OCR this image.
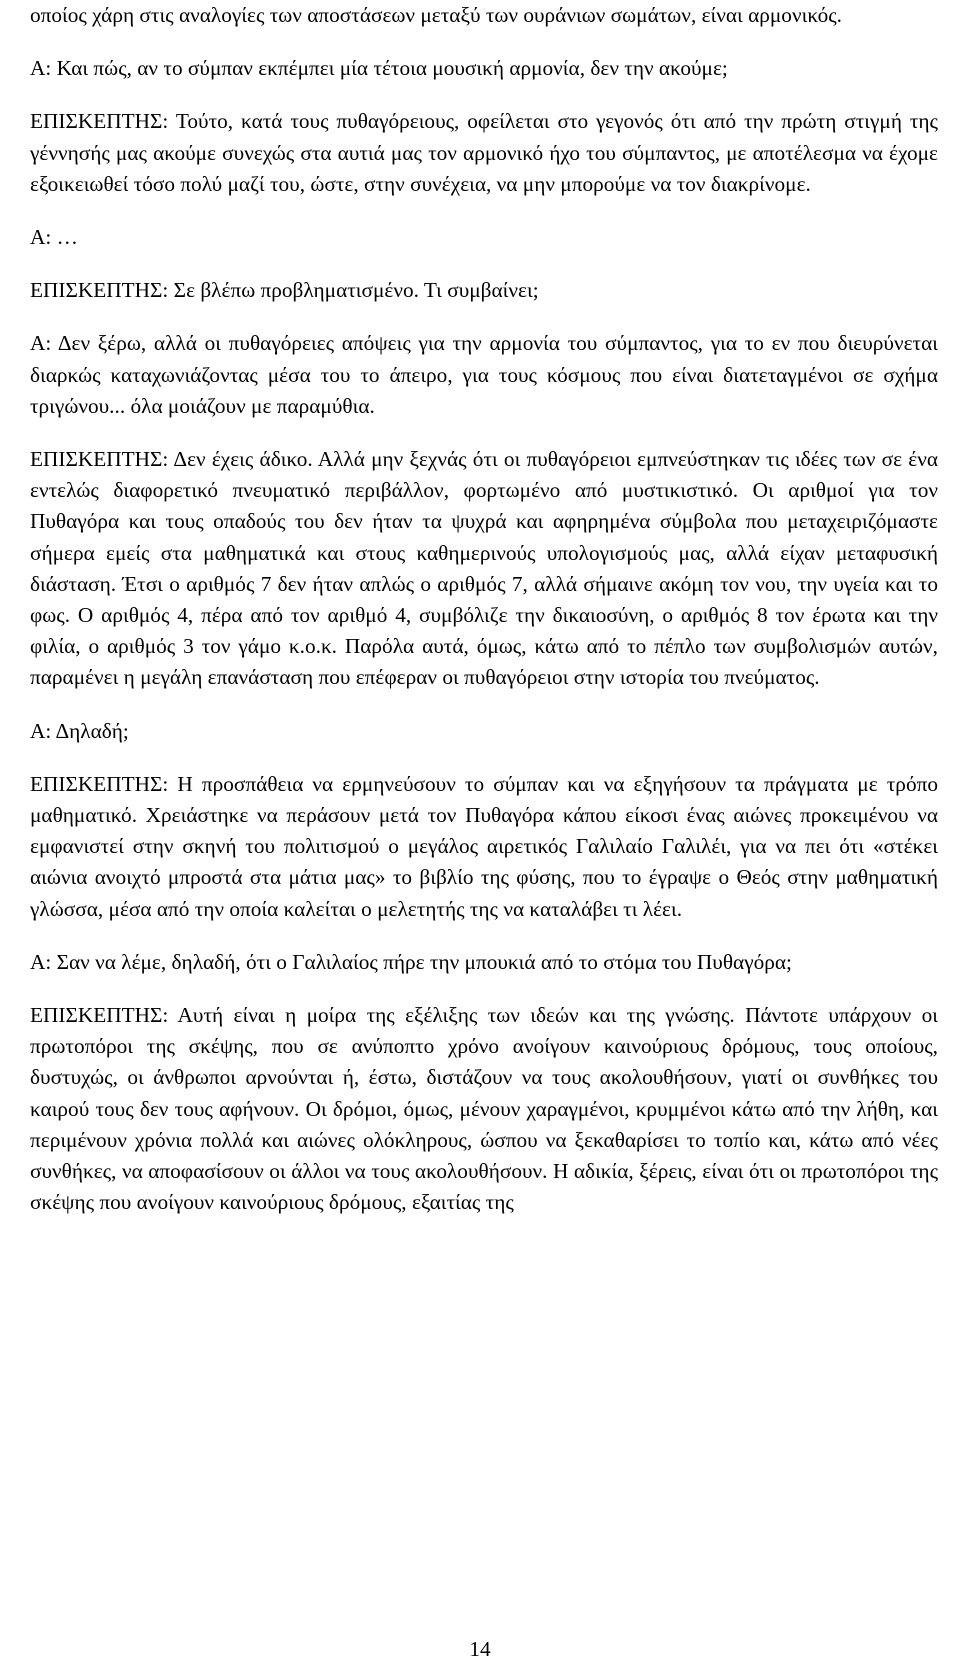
οποίος χάρη στις αναλογίες των αποστάσεων μεταξύ των ουράνιων σωμάτων, είναι αρμονικός.

Α: Και πώς, αν το σύμπαν εκπέμπει μία τέτοια μουσική αρμονία, δεν την ακούμε;

ΕΠΙΣΚΕΠΤΗΣ: Τούτο, κατά τους πυθαγόρειους, οφείλεται στο γεγονός ότι από την πρώτη στιγμή της γέννησής μας ακούμε συνεχώς στα αυτιά μας τον αρμονικό ήχο του σύμπαντος, με αποτέλεσμα να έχομε εξοικειωθεί τόσο πολύ μαζί του, ώστε, στην συνέχεια, να μην μπορούμε να τον διακρίνομε.

Α: …

ΕΠΙΣΚΕΠΤΗΣ: Σε βλέπω προβληματισμένο. Τι συμβαίνει;

Α: Δεν ξέρω, αλλά οι πυθαγόρειες απόψεις για την αρμονία του σύμπαντος, για το εν που διευρύνεται διαρκώς καταχωνιάζοντας μέσα του το άπειρο, για τους κόσμους που είναι διατεταγμένοι σε σχήμα τριγώνου... όλα μοιάζουν με παραμύθια.

ΕΠΙΣΚΕΠΤΗΣ: Δεν έχεις άδικο. Αλλά μην ξεχνάς ότι οι πυθαγόρειοι εμπνεύστηκαν τις ιδέες των σε ένα εντελώς διαφορετικό πνευματικό περιβάλλον, φορτωμένο από μυστικιστικό. Οι αριθμοί για τον Πυθαγόρα και τους οπαδούς του δεν ήταν τα ψυχρά και αφηρημένα σύμβολα που μεταχειριζόμαστε σήμερα εμείς στα μαθηματικά και στους καθημερινούς υπολογισμούς μας, αλλά είχαν μεταφυσική διάσταση. Έτσι ο αριθμός 7 δεν ήταν απλώς ο αριθμός 7, αλλά σήμαινε ακόμη τον νου, την υγεία και το φως. Ο αριθμός 4, πέρα από τον αριθμό 4, συμβόλιζε την δικαιοσύνη, ο αριθμός 8 τον έρωτα και την φιλία, ο αριθμός 3 τον γάμο κ.ο.κ. Παρόλα αυτά, όμως, κάτω από το πέπλο των συμβολισμών αυτών, παραμένει η μεγάλη επανάσταση που επέφεραν οι πυθαγόρειοι στην ιστορία του πνεύματος.

Α: Δηλαδή;

ΕΠΙΣΚΕΠΤΗΣ: Η προσπάθεια να ερμηνεύσουν το σύμπαν και να εξηγήσουν τα πράγματα με τρόπο μαθηματικό. Χρειάστηκε να περάσουν μετά τον Πυθαγόρα κάπου είκοσι ένας αιώνες προκειμένου να εμφανιστεί στην σκηνή του πολιτισμού ο μεγάλος αιρετικός Γαλιλαίο Γαλιλέι, για να πει ότι «στέκει αιώνια ανοιχτό μπροστά στα μάτια μας» το βιβλίο της φύσης, που το έγραψε ο Θεός στην μαθηματική γλώσσα, μέσα από την οποία καλείται ο μελετητής της να καταλάβει τι λέει.

Α: Σαν να λέμε, δηλαδή, ότι ο Γαλιλαίος πήρε την μπουκιά από το στόμα του Πυθαγόρα;

ΕΠΙΣΚΕΠΤΗΣ: Αυτή είναι η μοίρα της εξέλιξης των ιδεών και της γνώσης. Πάντοτε υπάρχουν οι πρωτοπόροι της σκέψης, που σε ανύποπτο χρόνο ανοίγουν καινούριους δρόμους, τους οποίους, δυστυχώς, οι άνθρωποι αρνούνται ή, έστω, διστάζουν να τους ακολουθήσουν, γιατί οι συνθήκες του καιρού τους δεν τους αφήνουν. Οι δρόμοι, όμως, μένουν χαραγμένοι, κρυμμένοι κάτω από την λήθη, και περιμένουν χρόνια πολλά και αιώνες ολόκληρους, ώσπου να ξεκαθαρίσει το τοπίο και, κάτω από νέες συνθήκες, να αποφασίσουν οι άλλοι να τους ακολουθήσουν. Η αδικία, ξέρεις, είναι ότι οι πρωτοπόροι της σκέψης που ανοίγουν καινούριους δρόμους, εξαιτίας της

14
